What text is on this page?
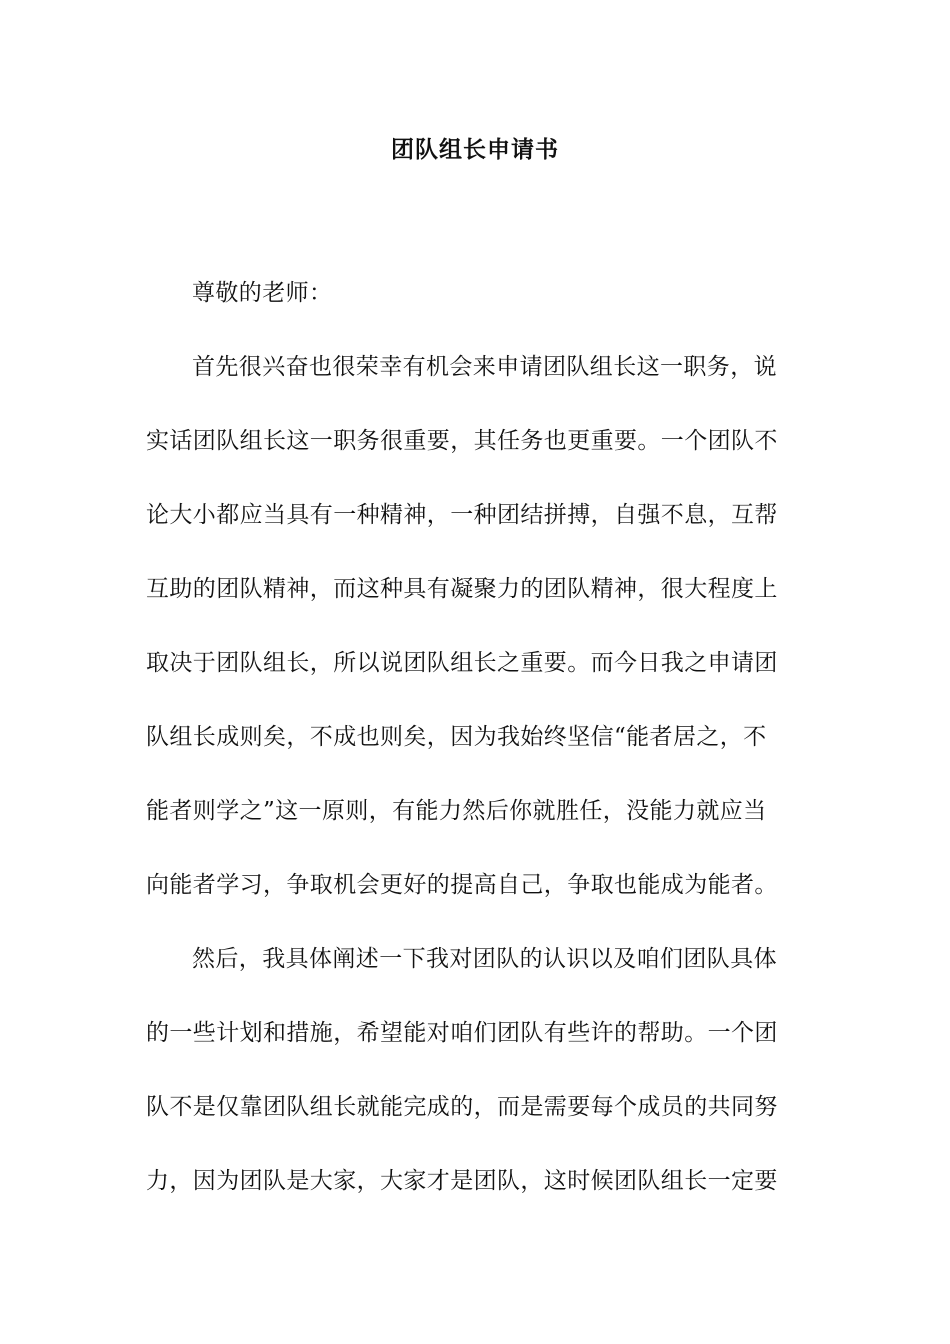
团队组长申请书
尊敬的老师：
首先很兴奋也很荣幸有机会来申请团队组长这一职务，说
实话团队组长这一职务很重要，其任务也更重要。一个团队不
论大小都应当具有一种精神，一种团结拼搏，自强不息，互帮
互助的团队精神，而这种具有凝聚力的团队精神，很大程度上
取决于团队组长，所以说团队组长之重要。而今日我之申请团
队组长成则矣，不成也则矣，因为我始终坚信“能者居之，不
能者则学之”这一原则，有能力然后你就胜任，没能力就应当
向能者学习，争取机会更好的提高自己，争取也能成为能者。
然后，我具体阐述一下我对团队的认识以及咱们团队具体
的一些计划和措施，希望能对咱们团队有些许的帮助。一个团
队不是仅靠团队组长就能完成的，而是需要每个成员的共同努
力，因为团队是大家，大家才是团队，这时候团队组长一定要
